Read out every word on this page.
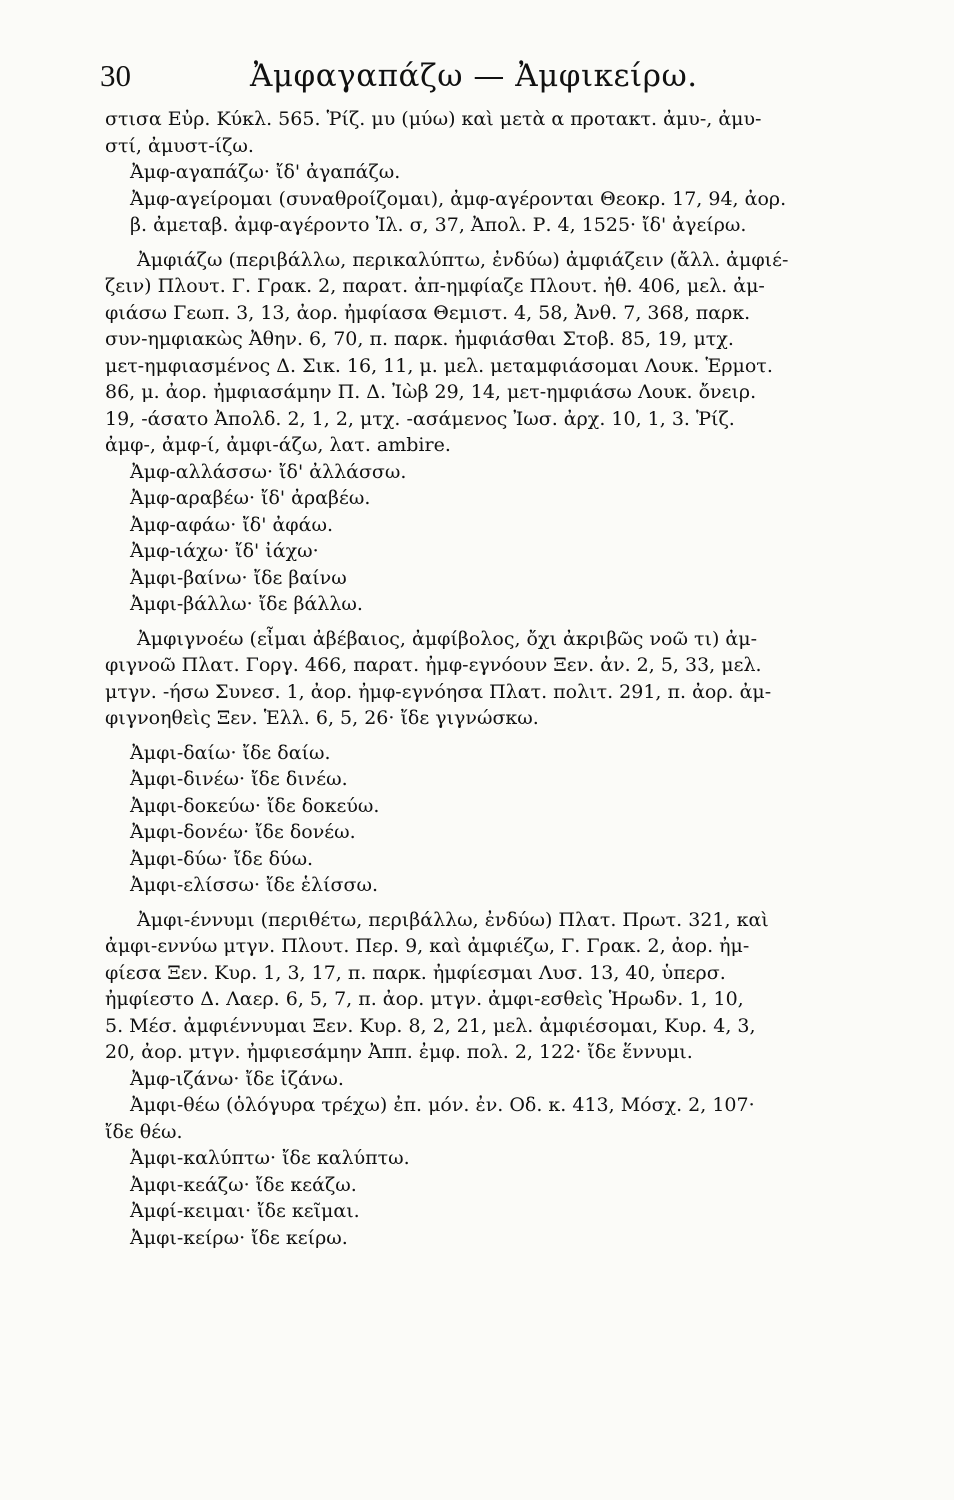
30	Ἀμφαγαπάζω — Ἀμφικείρω.
στισα Εὐρ. Κύκλ. 565. Ῥίζ. μυ (μύω) καὶ μετὰ α προτακτ. ἀμυ-, ἀμυ-
στί, ἀμυστ-ίζω.
Ἀμφ-αγαπάζω· ἴδ' ἀγαπάζω.
Ἀμφ-αγείρομαι (συναθροίζομαι), ἀμφ-αγέρονται Θεοκρ. 17, 94, ἀορ.
β. ἀμεταβ. ἀμφ-αγέροντο Ἰλ. σ, 37, Ἀπολ. Ρ. 4, 1525· ἴδ' ἀγείρω.
Ἀμφιάζω (περιβάλλω, περικαλύπτω, ἐνδύω) ἀμφιάζειν (ἄλλ. ἀμφιέ-
ζειν) Πλουτ. Γ. Γρακ. 2, παρατ. ἀπ-ημφίαζε Πλουτ. ἠθ. 406, μελ. ἀμ-
φιάσω Γεωπ. 3, 13, ἀορ. ἠμφίασα Θεμιστ. 4, 58, Ἀνθ. 7, 368, παρκ.
συν-ημφιακὼς Ἀθην. 6, 70, π. παρκ. ἠμφιάσθαι Στοβ. 85, 19, μτχ.
μετ-ημφιασμένος Δ. Σικ. 16, 11, μ. μελ. μεταμφιάσομαι Λουκ. Ἑρμοτ.
86, μ. ἀορ. ἠμφιασάμην Π. Δ. Ἰὼβ 29, 14, μετ-ημφιάσω Λουκ. ὄνειρ.
19, -άσατο Ἀπολδ. 2, 1, 2, μτχ. -ασάμενος Ἰωσ. ἀρχ. 10, 1, 3. Ῥίζ.
ἀμφ-, ἀμφ-ί, ἀμφι-άζω, λατ. ambire.
Ἀμφ-αλλάσσω· ἴδ' ἀλλάσσω.
Ἀμφ-αραβέω· ἴδ' ἀραβέω.
Ἀμφ-αφάω· ἴδ' ἀφάω.
Ἀμφ-ιάχω· ἴδ' ἰάχω·
Ἀμφι-βαίνω· ἴδε βαίνω
Ἀμφι-βάλλω· ἴδε βάλλω.
Ἀμφιγνοέω (εἶμαι ἀβέβαιος, ἀμφίβολος, ὄχι ἀκριβῶς νοῶ τι) ἀμ-
φιγνοῶ Πλατ. Γοργ. 466, παρατ. ἠμφ-εγνόουν Ξεν. ἀν. 2, 5, 33, μελ.
μτγν. -ήσω Συνεσ. 1, ἀορ. ἠμφ-εγνόησα Πλατ. πολιτ. 291, π. ἀορ. ἀμ-
φιγνοηθεὶς Ξεν. Ἑλλ. 6, 5, 26· ἴδε γιγνώσκω.
Ἀμφι-δαίω· ἴδε δαίω.
Ἀμφι-δινέω· ἴδε δινέω.
Ἀμφι-δοκεύω· ἴδε δοκεύω.
Ἀμφι-δονέω· ἴδε δονέω.
Ἀμφι-δύω· ἴδε δύω.
Ἀμφι-ελίσσω· ἴδε ἑλίσσω.
Ἀμφι-έννυμι (περιθέτω, περιβάλλω, ἐνδύω) Πλατ. Πρωτ. 321, καὶ
ἀμφι-εννύω μτγν. Πλουτ. Περ. 9, καὶ ἀμφιέζω, Γ. Γρακ. 2, ἀορ. ἠμ-
φίεσα Ξεν. Κυρ. 1, 3, 17, π. παρκ. ἠμφίεσμαι Λυσ. 13, 40, ὑπερσ.
ἠμφίεστο Δ. Λαερ. 6, 5, 7, π. ἀορ. μτγν. ἀμφι-εσθεὶς Ἡρωδν. 1, 10,
5. Μέσ. ἀμφιέννυμαι Ξεν. Κυρ. 8, 2, 21, μελ. ἀμφιέσομαι, Κυρ. 4, 3,
20, ἀορ. μτγν. ἠμφιεσάμην Ἀππ. ἐμφ. πολ. 2, 122· ἴδε ἕννυμι.
Ἀμφ-ιζάνω· ἴδε ἱζάνω.
Ἀμφι-θέω (ὁλόγυρα τρέχω) ἐπ. μόν. ἐν. Οδ. κ. 413, Μόσχ. 2, 107·
ἴδε θέω.
Ἀμφι-καλύπτω· ἴδε καλύπτω.
Ἀμφι-κεάζω· ἴδε κεάζω.
Ἀμφί-κειμαι· ἴδε κεῖμαι.
Ἀμφι-κείρω· ἴδε κείρω.
